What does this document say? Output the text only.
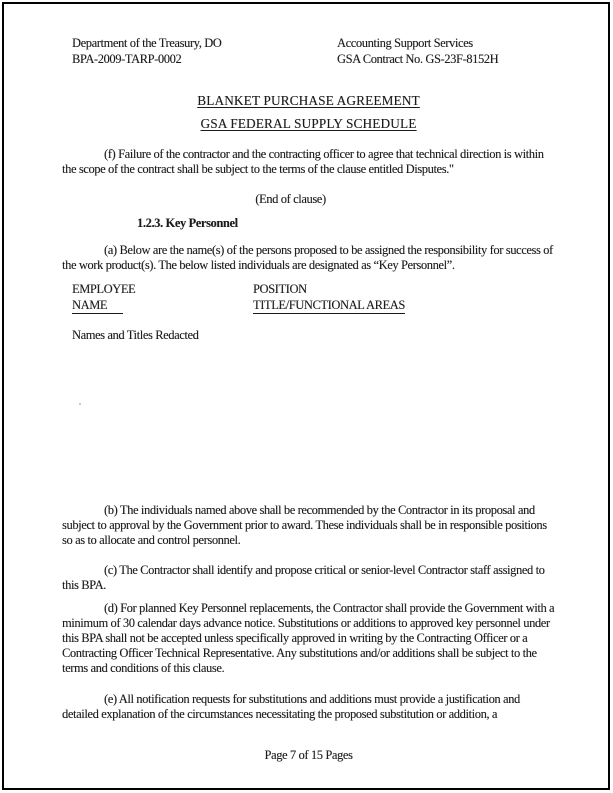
Department of the Treasury, DO
BPA-2009-TARP-0002
Accounting Support Services
GSA Contract No. GS-23F-8152H
BLANKET PURCHASE AGREEMENT
GSA FEDERAL SUPPLY SCHEDULE
(f) Failure of the contractor and the contracting officer to agree that technical direction is within the scope of the contract shall be subject to the terms of the clause entitled Disputes."
(End of clause)
1.2.3. Key Personnel
(a) Below are the name(s) of the persons proposed to be assigned the responsibility for success of the work product(s). The below listed individuals are designated as “Key Personnel”.
EMPLOYEE
NAME
POSITION
TITLE/FUNCTIONAL AREAS
Names and Titles Redacted
(b) The individuals named above shall be recommended by the Contractor in its proposal and subject to approval by the Government prior to award. These individuals shall be in responsible positions so as to allocate and control personnel.
(c) The Contractor shall identify and propose critical or senior-level Contractor staff assigned to this BPA.
(d) For planned Key Personnel replacements, the Contractor shall provide the Government with a minimum of 30 calendar days advance notice. Substitutions or additions to approved key personnel under this BPA shall not be accepted unless specifically approved in writing by the Contracting Officer or a Contracting Officer Technical Representative. Any substitutions and/or additions shall be subject to the terms and conditions of this clause.
(e) All notification requests for substitutions and additions must provide a justification and detailed explanation of the circumstances necessitating the proposed substitution or addition, a
Page 7 of 15 Pages
